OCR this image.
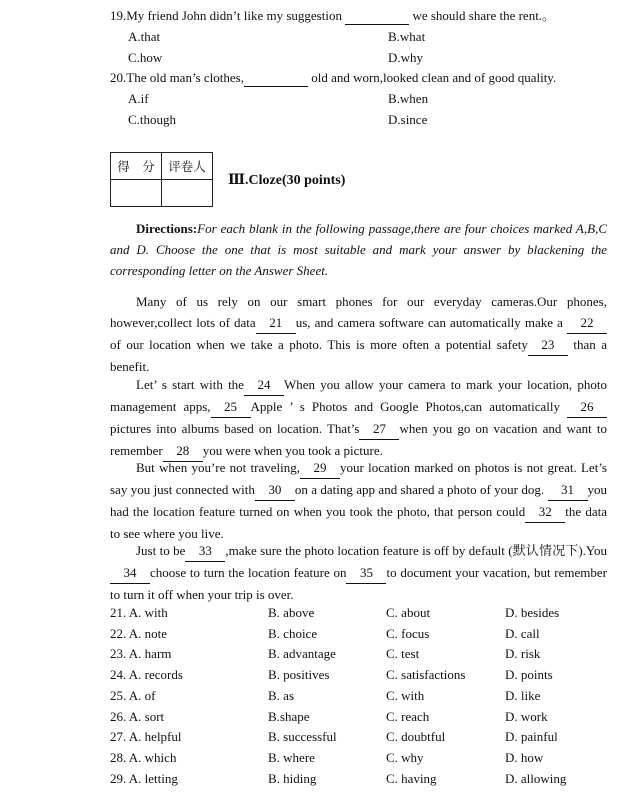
19.My friend John didn’t like my suggestion	we should share the rent.。
A.that	B.what
C.how	D.why
20.The old man’s clothes,	old and worn,looked clean and of good quality.
A.if	B.when
C.though	D.since
得　分	评卷人

Ⅲ.Cloze(30 points)
Directions:For each blank in the following passage,there are four choices marked A,B,C and D. Choose the one that is most suitable and mark your answer by blackening the corresponding letter on the Answer Sheet.
Many of us rely on our smart phones for our everyday cameras.Our phones, however,collect lots of data 21 us, and camera software can automatically make a 22of our location when we take a photo. This is more often a potential safety 23 than a benefit.
Let’ s start with the 24 When you allow your camera to mark your location, photo management apps, 25 Apple ’ s Photos and Google Photos,can automatically 26pictures into albums based on location. That’s 27 when you go on vacation and want to remember 28 you were when you took a picture.
But when you’re not traveling, 29 your location marked on photos is not great. Let’s say you just connected with 30 on a dating app and shared a photo of your dog. 31 you had the location feature turned on when you took the photo, that person could 32 the data to see where you live.
Just to be 33 ,make sure the photo location feature is off by default (默认情况下).You34 choose to turn the location feature on 35 to document your vacation, but remember to turn it off when your trip is over.
21. A. with	B. above	C. about	D. besides
22. A. note	B. choice	C. focus	D. call
23. A. harm	B. advantage	C. test	D. risk
24. A. records	B. positives	C. satisfactions	D. points
25. A. of	B. as	C. with	D. like
26. A. sort	B.shape	C. reach	D. work
27. A. helpful	B. successful	C. doubtful	D. painful
28. A. which	B. where	C. why	D. how
29. A. letting	B. hiding	C. having	D. allowing
